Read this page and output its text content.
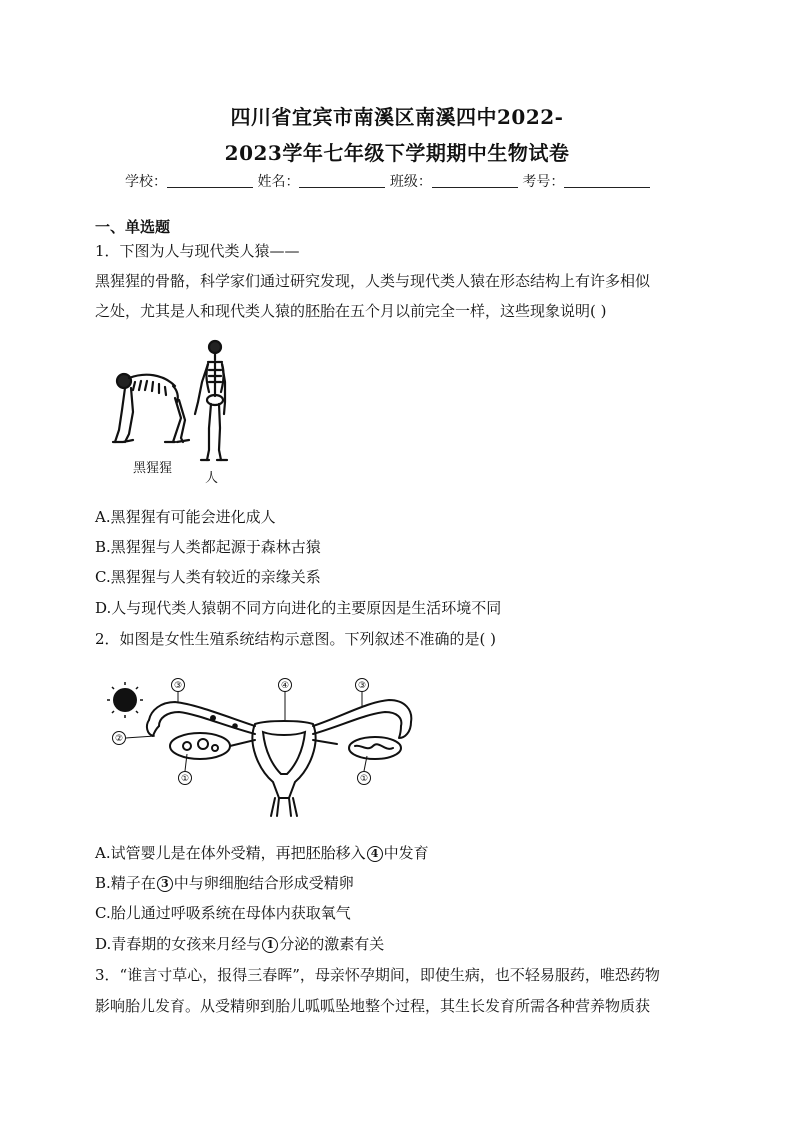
四川省宜宾市南溪区南溪四中2022-
2023学年七年级下学期期中生物试卷
学校：	姓名：	班级：	考号：
一、单选题
1．下图为人与现代类人猿——
黑猩猩的骨骼，科学家们通过研究发现，人类与现代类人猿在形态结构上有许多相似
之处，尤其是人和现代类人猿的胚胎在五个月以前完全一样，这些现象说明( )
黑猩猩
人
A.黑猩猩有可能会进化成人
B.黑猩猩与人类都起源于森林古猿
C.黑猩猩与人类有较近的亲缘关系
D.人与现代类人猿朝不同方向进化的主要原因是生活环境不同
2．如图是女性生殖系统结构示意图。下列叙述不准确的是( )
③	④	③
②
①	①
A.试管婴儿是在体外受精，再把胚胎移入 4 中发育
B.精子在 3 中与卵细胞结合形成受精卵
C.胎儿通过呼吸系统在母体内获取氧气
D.青春期的女孩来月经与 1 分泌的激素有关
3．“谁言寸草心，报得三春晖”，母亲怀孕期间，即使生病，也不轻易服药，唯恐药物
影响胎儿发育。从受精卵到胎儿呱呱坠地整个过程，其生长发育所需各种营养物质获
